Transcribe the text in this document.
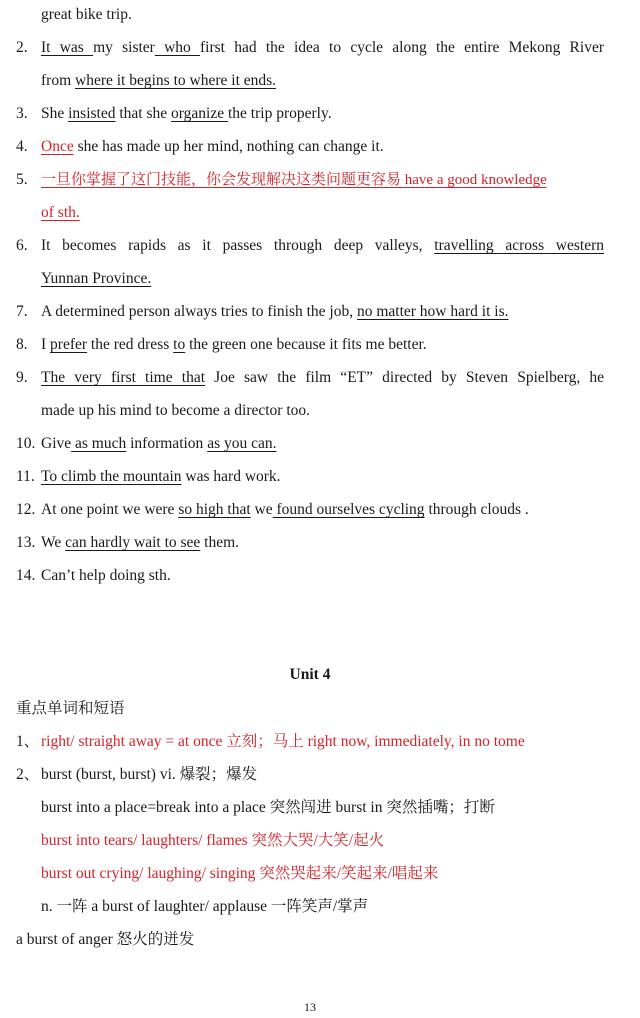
great bike trip.
2. It was my sister who first had the idea to cycle along the entire Mekong River
from where it begins to where it ends.
3. She insisted that she organize the trip properly.
4. Once she has made up her mind, nothing can change it.
5. 一旦你掌握了这门技能，你会发现解决这类问题更容易 have a good knowledge
of sth.
6. It becomes rapids as it passes through deep valleys, travelling across western
Yunnan Province.
7. A determined person always tries to finish the job, no matter how hard it is.
8. I prefer the red dress to the green one because it fits me better.
9. The very first time that Joe saw the film “ET” directed by Steven Spielberg, he
made up his mind to become a director too.
10. Give as much information as you can.
11. To climb the mountain was hard work.
12. At one point we were so high that we found ourselves cycling through clouds .
13. We can hardly wait to see them.
14. Can’t help doing sth.
Unit 4
重点单词和短语
1、 right/ straight away = at once 立刻；马上 right now, immediately, in no tome
2、 burst (burst, burst) vi. 爆裂；爆发
burst into a place=break into a place 突然闯进 burst in 突然插嘴；打断
burst into tears/ laughters/ flames 突然大哭/大笑/起火
burst out crying/ laughing/ singing 突然哭起来/笑起来/唱起来
n. 一阵 a burst of laughter/ applause 一阵笑声/掌声
a burst of anger 怒火的迸发
13
